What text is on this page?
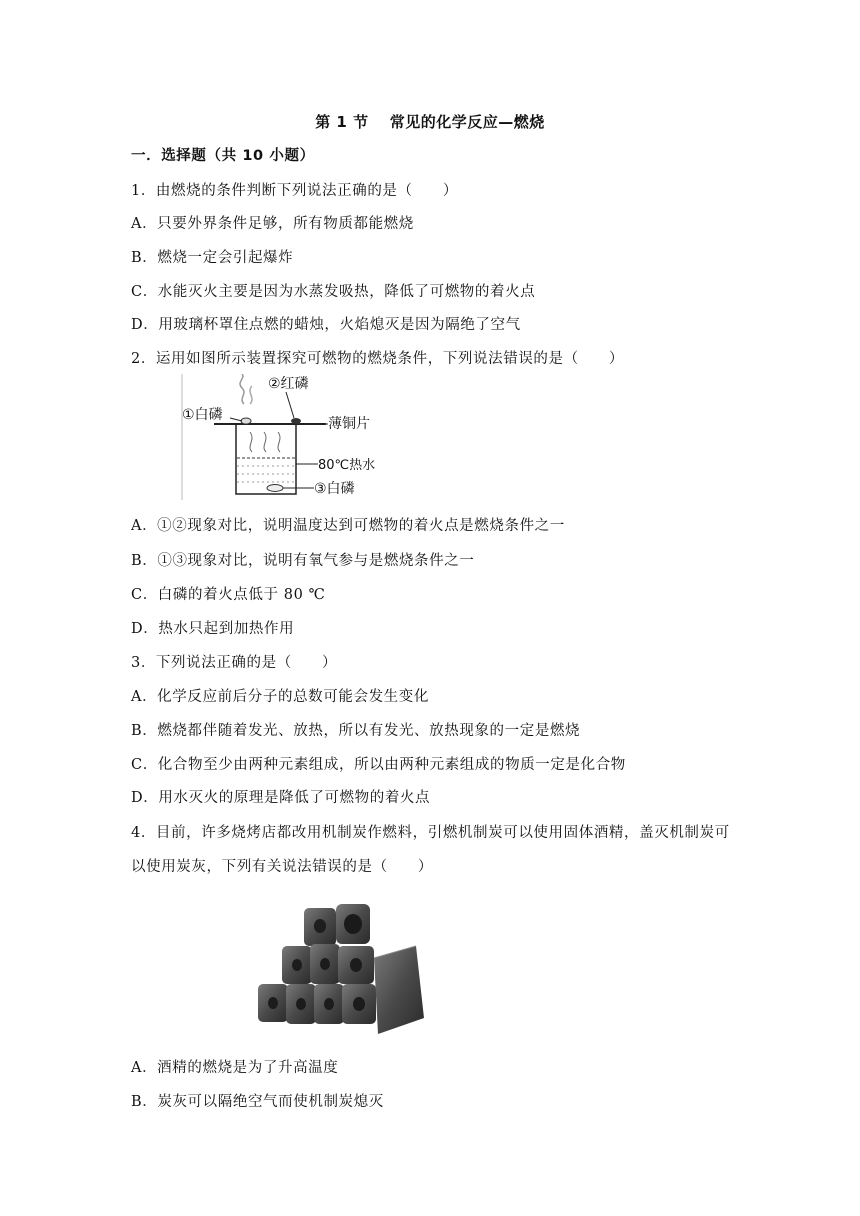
第 1 节　 常见的化学反应—燃烧
一．选择题（共 10 小题）
1．由燃烧的条件判断下列说法正确的是（　　）
A．只要外界条件足够，所有物质都能燃烧
B．燃烧一定会引起爆炸
C．水能灭火主要是因为水蒸发吸热，降低了可燃物的着火点
D．用玻璃杯罩住点燃的蜡烛，火焰熄灭是因为隔绝了空气
2．运用如图所示装置探究可燃物的燃烧条件，下列说法错误的是（　　）
①白磷
②红磷
薄铜片
80℃热水
③白磷
A．①②现象对比，说明温度达到可燃物的着火点是燃烧条件之一
B．①③现象对比，说明有氧气参与是燃烧条件之一
C．白磷的着火点低于 80 ℃
D．热水只起到加热作用
3．下列说法正确的是（　　）
A．化学反应前后分子的总数可能会发生变化
B．燃烧都伴随着发光、放热，所以有发光、放热现象的一定是燃烧
C．化合物至少由两种元素组成，所以由两种元素组成的物质一定是化合物
D．用水灭火的原理是降低了可燃物的着火点
4．目前，许多烧烤店都改用机制炭作燃料，引燃机制炭可以使用固体酒精，盖灭机制炭可
以使用炭灰，下列有关说法错误的是（　　）
A．酒精的燃烧是为了升高温度
B．炭灰可以隔绝空气而使机制炭熄灭
